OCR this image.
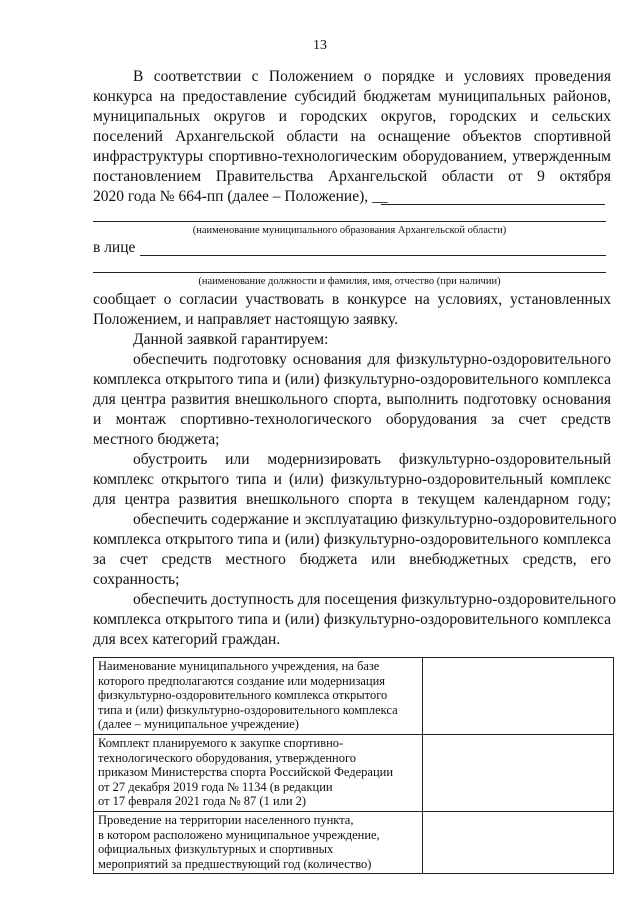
13
В соответствии с Положением о порядке и условиях проведения
конкурса на предоставление субсидий бюджетам муниципальных районов,
муниципальных округов и городских округов, городских и сельских
поселений Архангельской области на оснащение объектов спортивной
инфраструктуры спортивно-технологическим оборудованием, утвержденным
постановлением Правительства Архангельской области от 9 октября
2020 года № 664-пп (далее – Положение), __
(наименование муниципального образования Архангельской области)
в лице
(наименование должности и фамилия, имя, отчество (при наличии)
сообщает о согласии участвовать в конкурсе на условиях, установленных
Положением, и направляет настоящую заявку.
Данной заявкой гарантируем:
обеспечить подготовку основания для физкультурно-оздоровительного
комплекса открытого типа и (или) физкультурно-оздоровительного комплекса
для центра развития внешкольного спорта, выполнить подготовку основания
и монтаж спортивно-технологического оборудования за счет средств
местного бюджета;
обустроить или модернизировать физкультурно-оздоровительный
комплекс открытого типа и (или) физкультурно-оздоровительный комплекс
для центра развития внешкольного спорта в текущем календарном году;
обеспечить содержание и эксплуатацию физкультурно-оздоровительного
комплекса открытого типа и (или) физкультурно-оздоровительного комплекса
за счет средств местного бюджета или внебюджетных средств, его
сохранность;
обеспечить доступность для посещения физкультурно-оздоровительного
комплекса открытого типа и (или) физкультурно-оздоровительного комплекса
для всех категорий граждан.
Наименование муниципального учреждения, на базе
которого предполагаются создание или модернизация
физкультурно-оздоровительного комплекса открытого
типа и (или) физкультурно-оздоровительного комплекса
(далее – муниципальное учреждение)	

Комплект планируемого к закупке спортивно-
технологического оборудования, утвержденного
приказом Министерства спорта Российской Федерации
от 27 декабря 2019 года № 1134 (в редакции
от 17 февраля 2021 года № 87 (1 или 2)	

Проведение на территории населенного пункта,
в котором расположено муниципальное учреждение,
официальных физкультурных и спортивных
мероприятий за предшествующий год (количество)	
